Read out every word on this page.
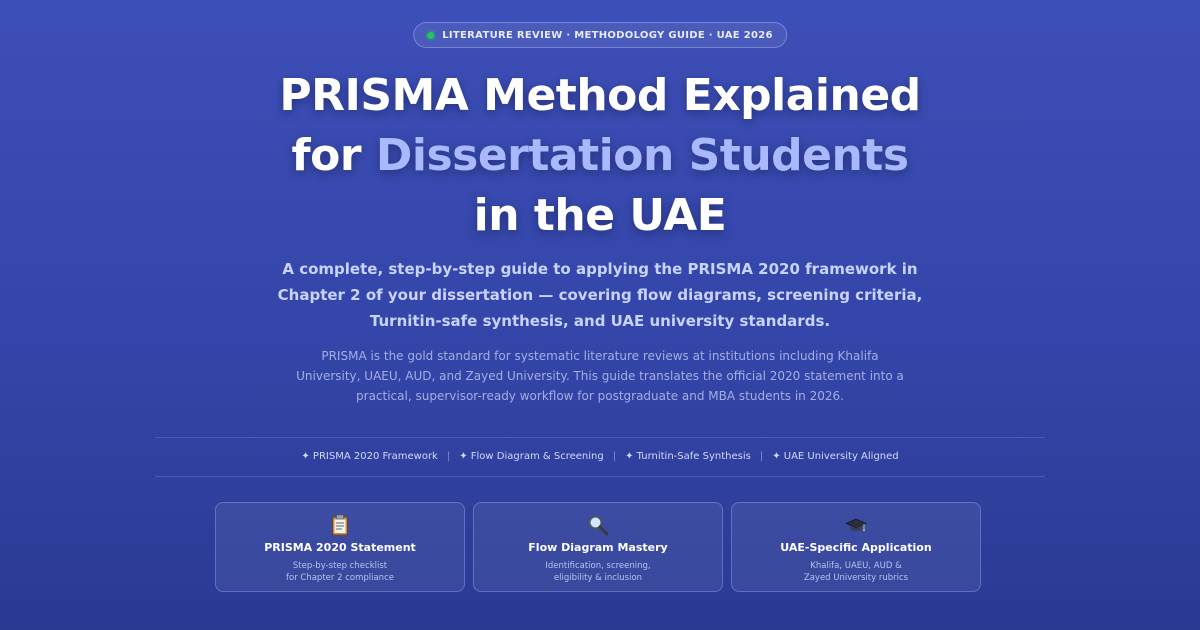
LITERATURE REVIEW · METHODOLOGY GUIDE · UAE 2026
PRISMA Method Explained
for Dissertation Students
in the UAE

A complete, step-by-step guide to applying the PRISMA 2020 framework in Chapter 2 of your dissertation — covering flow diagrams, screening criteria, Turnitin-safe synthesis, and UAE university standards.

PRISMA is the gold standard for systematic literature reviews at institutions including Khalifa University, UAEU, AUD, and Zayed University. This guide translates the official 2020 statement into a practical, supervisor-ready workflow for postgraduate and MBA students in 2026.

✦ PRISMA 2020 Framework | ✦ Flow Diagram & Screening | ✦ Turnitin-Safe Synthesis | ✦ UAE University Aligned
PRISMA 2020 Statement
Step-by-step checklist
for Chapter 2 compliance
Flow Diagram Mastery
Identification, screening,
eligibility & inclusion
UAE-Specific Application
Khalifa, UAEU, AUD &
Zayed University rubrics
